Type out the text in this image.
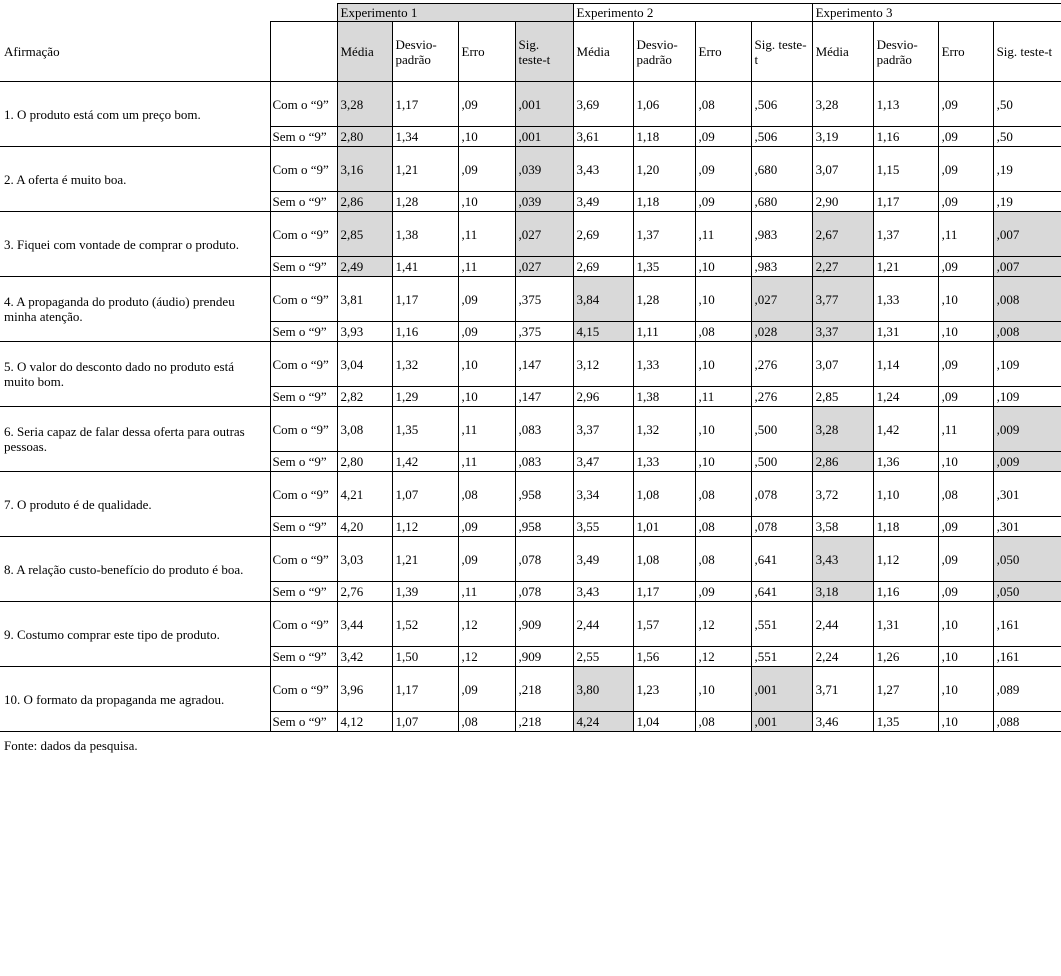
		Experimento 1				Experimento 2				Experimento 3			
Afirmação		Média	Desvio-padrão	Erro	Sig. teste-t	Média	Desvio-padrão	Erro	Sig. teste-t	Média	Desvio-padrão	Erro	Sig. teste-t
1. O produto está com um preço bom.	Com o “9”	3,28	1,17	,09	,001	3,69	1,06	,08	,506	3,28	1,13	,09	,50
	Sem o “9”	2,80	1,34	,10	,001	3,61	1,18	,09	,506	3,19	1,16	,09	,50
2. A oferta é muito boa.	Com o “9”	3,16	1,21	,09	,039	3,43	1,20	,09	,680	3,07	1,15	,09	,19
	Sem o “9”	2,86	1,28	,10	,039	3,49	1,18	,09	,680	2,90	1,17	,09	,19
3. Fiquei com vontade de comprar o produto.	Com o “9”	2,85	1,38	,11	,027	2,69	1,37	,11	,983	2,67	1,37	,11	,007
	Sem o “9”	2,49	1,41	,11	,027	2,69	1,35	,10	,983	2,27	1,21	,09	,007
4. A propaganda do produto (áudio) prendeu minha atenção.	Com o “9”	3,81	1,17	,09	,375	3,84	1,28	,10	,027	3,77	1,33	,10	,008
	Sem o “9”	3,93	1,16	,09	,375	4,15	1,11	,08	,028	3,37	1,31	,10	,008
5. O valor do desconto dado no produto está muito bom.	Com o “9”	3,04	1,32	,10	,147	3,12	1,33	,10	,276	3,07	1,14	,09	,109
	Sem o “9”	2,82	1,29	,10	,147	2,96	1,38	,11	,276	2,85	1,24	,09	,109
6. Seria capaz de falar dessa oferta para outras pessoas.	Com o “9”	3,08	1,35	,11	,083	3,37	1,32	,10	,500	3,28	1,42	,11	,009
	Sem o “9”	2,80	1,42	,11	,083	3,47	1,33	,10	,500	2,86	1,36	,10	,009
7. O produto é de qualidade.	Com o “9”	4,21	1,07	,08	,958	3,34	1,08	,08	,078	3,72	1,10	,08	,301
	Sem o “9”	4,20	1,12	,09	,958	3,55	1,01	,08	,078	3,58	1,18	,09	,301
8. A relação custo-benefício do produto é boa.	Com o “9”	3,03	1,21	,09	,078	3,49	1,08	,08	,641	3,43	1,12	,09	,050
	Sem o “9”	2,76	1,39	,11	,078	3,43	1,17	,09	,641	3,18	1,16	,09	,050
9. Costumo comprar este tipo de produto.	Com o “9”	3,44	1,52	,12	,909	2,44	1,57	,12	,551	2,44	1,31	,10	,161
	Sem o “9”	3,42	1,50	,12	,909	2,55	1,56	,12	,551	2,24	1,26	,10	,161
10. O formato da propaganda me agradou.	Com o “9”	3,96	1,17	,09	,218	3,80	1,23	,10	,001	3,71	1,27	,10	,089
	Sem o “9”	4,12	1,07	,08	,218	4,24	1,04	,08	,001	3,46	1,35	,10	,088

Fonte: dados da pesquisa.
